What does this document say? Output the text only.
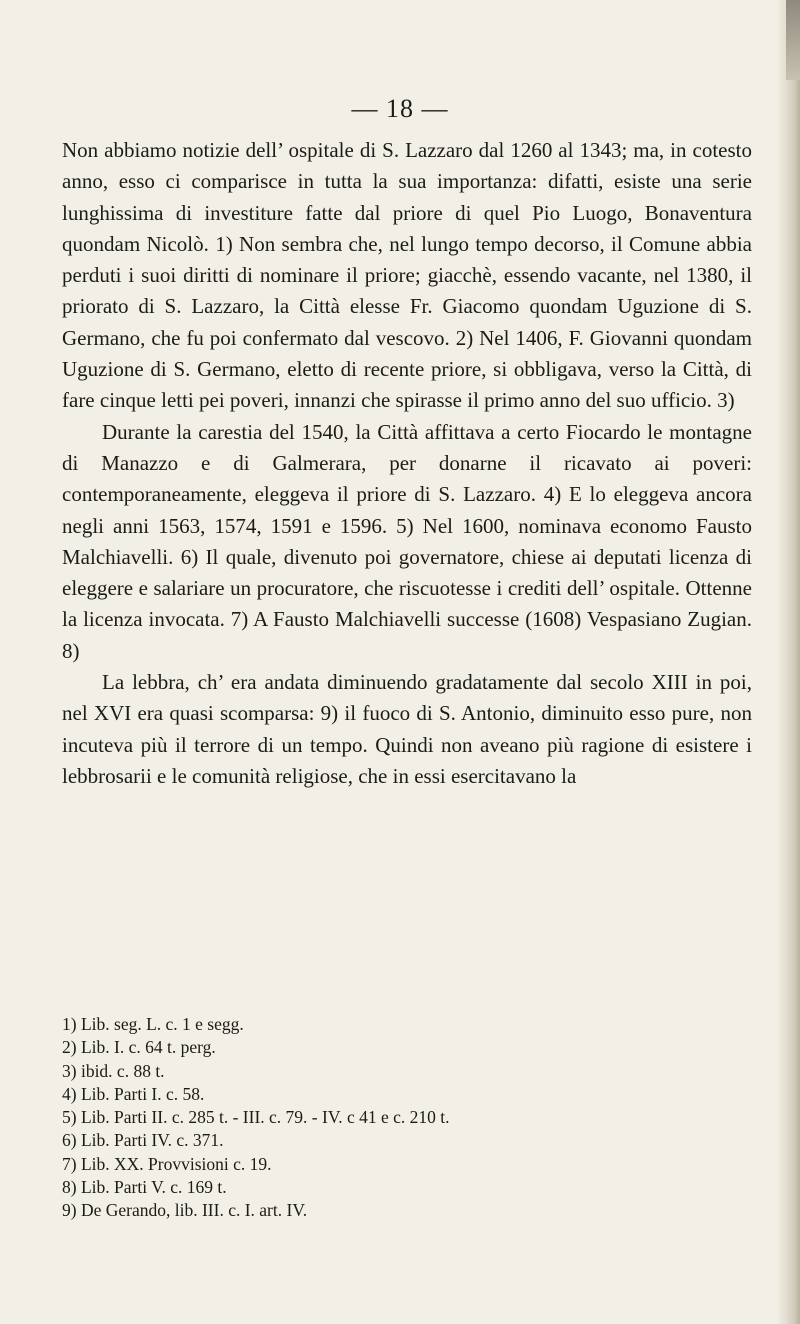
— 18 —

Non abbiamo notizie dell’ ospitale di S. Lazzaro dal 1260 al 1343; ma, in cotesto anno, esso ci comparisce in tutta la sua importanza: difatti, esiste una serie lunghissima di investiture fatte dal priore di quel Pio Luogo, Bonaventura quondam Nicolò. 1) Non sembra che, nel lungo tempo decorso, il Comune abbia perduti i suoi diritti di nominare il priore; giacchè, essendo vacante, nel 1380, il priorato di S. Lazzaro, la Città elesse Fr. Giacomo quondam Uguzione di S. Germano, che fu poi confermato dal vescovo. 2) Nel 1406, F. Giovanni quondam Uguzione di S. Germano, eletto di recente priore, si obbligava, verso la Città, di fare cinque letti pei poveri, innanzi che spirasse il primo anno del suo ufficio. 3)

Durante la carestia del 1540, la Città affittava a certo Fiocardo le montagne di Manazzo e di Galmerara, per donarne il ricavato ai poveri: contemporaneamente, eleggeva il priore di S. Lazzaro. 4) E lo eleggeva ancora negli anni 1563, 1574, 1591 e 1596. 5) Nel 1600, nominava economo Fausto Malchiavelli. 6) Il quale, divenuto poi governatore, chiese ai deputati licenza di eleggere e salariare un procuratore, che riscuotesse i crediti dell’ ospitale. Ottenne la licenza invocata. 7) A Fausto Malchiavelli successe (1608) Vespasiano Zugian. 8)

La lebbra, ch’ era andata diminuendo gradatamente dal secolo XIII in poi, nel XVI era quasi scomparsa: 9) il fuoco di S. Antonio, diminuito esso pure, non incuteva più il terrore di un tempo. Quindi non aveano più ragione di esistere i lebbrosarii e le comunità religiose, che in essi esercitavano la

1) Lib. seg. L. c. 1 e segg.
2) Lib. I. c. 64 t. perg.
3) ibid. c. 88 t.
4) Lib. Parti I. c. 58.
5) Lib. Parti II. c. 285 t. - III. c. 79. - IV. c 41 e c. 210 t.
6) Lib. Parti IV. c. 371.
7) Lib. XX. Provvisioni c. 19.
8) Lib. Parti V. c. 169 t.
9) De Gerando, lib. III. c. I. art. IV.
